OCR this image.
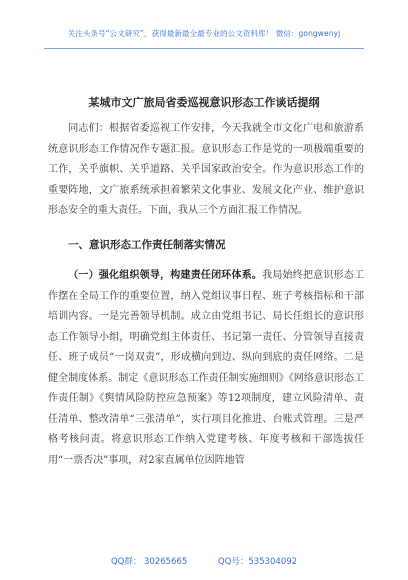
关注头条号“公文研究”，获得最新最全最专业的公文资料库！ 微信：gongwenyj
某城市文广旅局省委巡视意识形态工作谈话提纲

同志们：根据省委巡视工作安排，今天我就全市文化广电和旅游系统意识形态工作情况作专题汇报。意识形态工作是党的一项极端重要的工作，关乎旗帜、关乎道路、关乎国家政治安全。作为意识形态工作的重要阵地，文广旅系统承担着繁荣文化事业、发展文化产业、维护意识形态安全的重大责任。下面，我从三个方面汇报工作情况。

一、意识形态工作责任制落实情况

（一）强化组织领导，构建责任闭环体系。我局始终把意识形态工作摆在全局工作的重要位置，纳入党组议事日程、班子考核指标和干部培训内容。一是完善领导机制。成立由党组书记、局长任组长的意识形态工作领导小组，明确党组主体责任、书记第一责任、分管领导直接责任、班子成员“一岗双责”，形成横向到边、纵向到底的责任网络。二是健全制度体系。制定《意识形态工作责任制实施细则》《网络意识形态工作责任制》《舆情风险防控应急预案》等12项制度，建立风险清单、责任清单、整改清单“三张清单”，实行项目化推进、台账式管理。三是严格考核问责。将意识形态工作纳入党建考核、年度考核和干部选拔任用“一票否决”事项，对2家直属单位因阵地管

QQ群： 30265665	QQ号：535304092
